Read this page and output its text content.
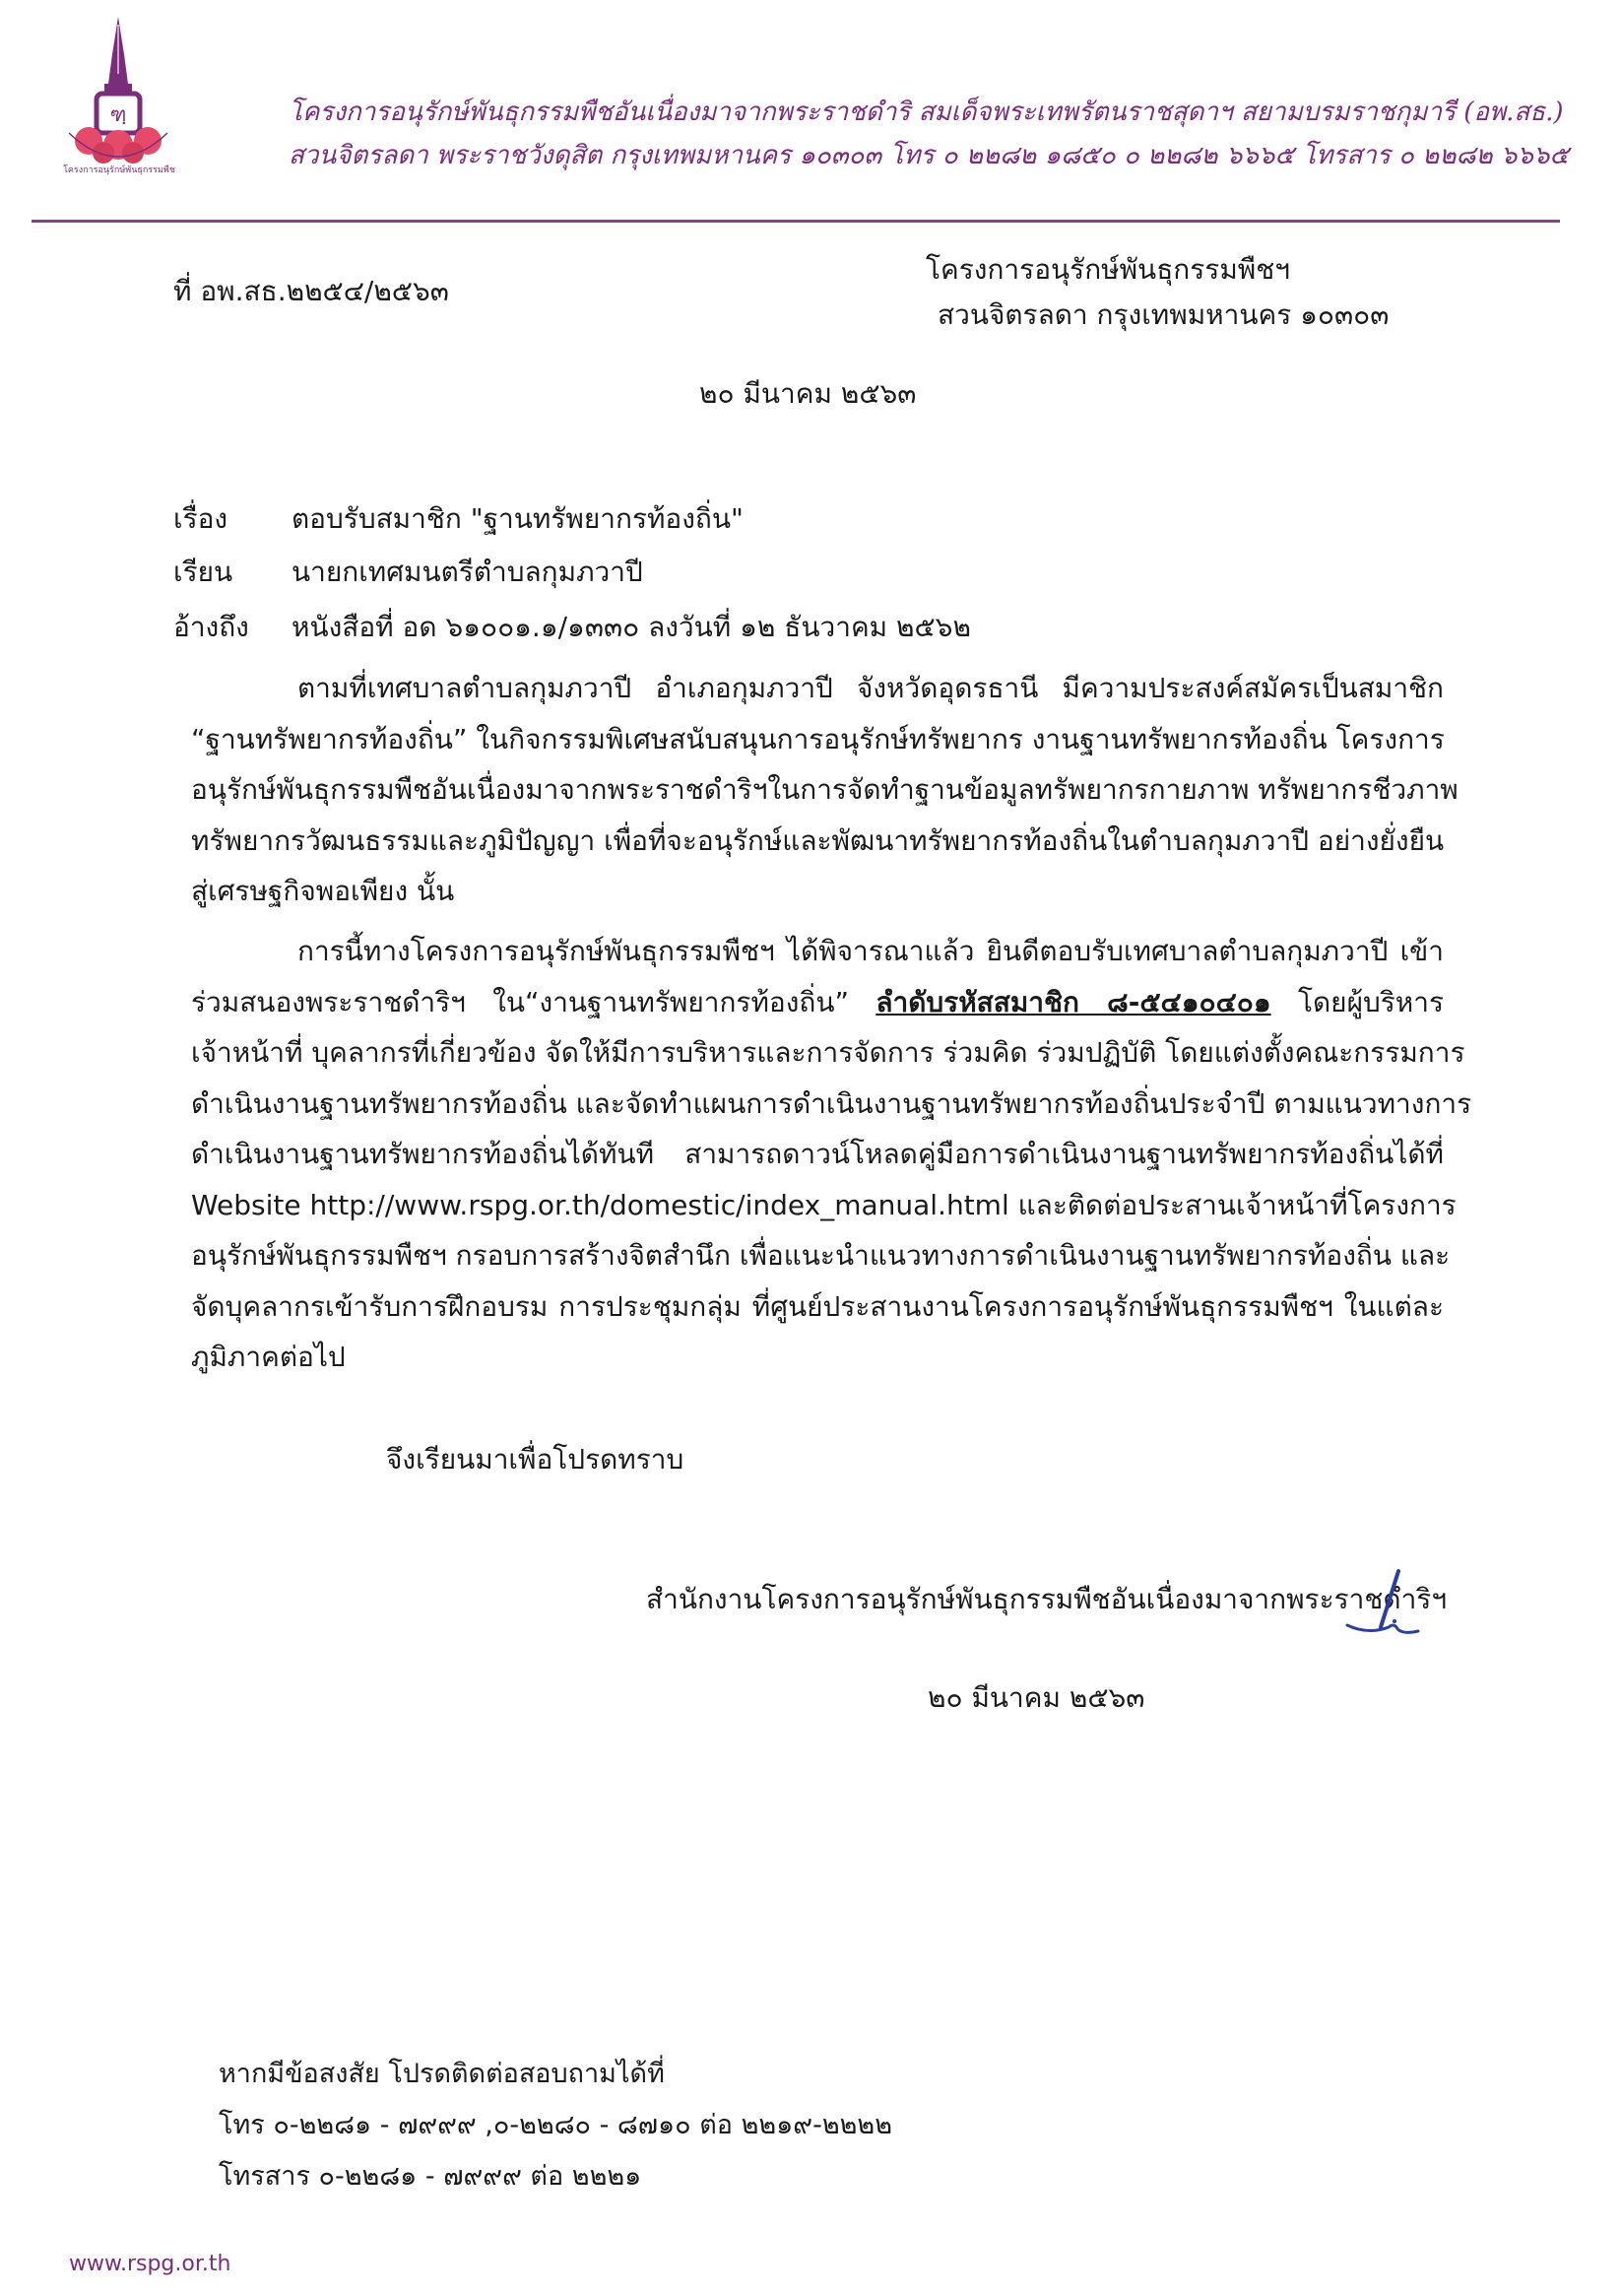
ฑฺ
โครงการอนุรักษ์พันธุกรรมพืช
โครงการอนุรักษ์พันธุกรรมพืชอันเนื่องมาจากพระราชดำริ สมเด็จพระเทพรัตนราชสุดาฯ สยามบรมราชกุมารี (อพ.สธ.)
สวนจิตรลดา พระราชวังดุสิต กรุงเทพมหานคร ๑๐๓๐๓ โทร ๐ ๒๒๘๒ ๑๘๕๐ ๐ ๒๒๘๒ ๖๖๖๕ โทรสาร ๐ ๒๒๘๒ ๖๖๖๕
ที่ อพ.สธ.๒๒๕๔/๒๕๖๓
โครงการอนุรักษ์พันธุกรรมพืชฯ
สวนจิตรลดา กรุงเทพมหานคร ๑๐๓๐๓
๒๐ มีนาคม ๒๕๖๓
เรื่อง	ตอบรับสมาชิก "ฐานทรัพยากรท้องถิ่น"
เรียน	นายกเทศมนตรีตำบลกุมภวาปี
อ้างถึง	หนังสือที่ อด ๖๑๐๐๑.๑/๑๓๓๐ ลงวันที่ ๑๒ ธันวาคม ๒๕๖๒
ตามที่เทศบาลตำบลกุมภวาปี อำเภอกุมภวาปี จังหวัดอุดรธานี มีความประสงค์สมัครเป็นสมาชิก
“ฐานทรัพยากรท้องถิ่น” ในกิจกรรมพิเศษสนับสนุนการอนุรักษ์ทรัพยากร งานฐานทรัพยากรท้องถิ่น โครงการ
อนุรักษ์พันธุกรรมพืชอันเนื่องมาจากพระราชดำริฯในการจัดทำฐานข้อมูลทรัพยากรกายภาพ ทรัพยากรชีวภาพ
ทรัพยากรวัฒนธรรมและภูมิปัญญา เพื่อที่จะอนุรักษ์และพัฒนาทรัพยากรท้องถิ่นในตำบลกุมภวาปี อย่างยั่งยืน
สู่เศรษฐกิจพอเพียง นั้น
การนี้ทางโครงการอนุรักษ์พันธุกรรมพืชฯ ได้พิจารณาแล้ว ยินดีตอบรับเทศบาลตำบลกุมภวาปี เข้า
ร่วมสนองพระราชดำริฯ ใน“งานฐานทรัพยากรท้องถิ่น” ลำดับรหัสสมาชิก ๘-๕๔๑๐๔๐๑ โดยผู้บริหาร
เจ้าหน้าที่ บุคลากรที่เกี่ยวข้อง จัดให้มีการบริหารและการจัดการ ร่วมคิด ร่วมปฏิบัติ โดยแต่งตั้งคณะกรรมการ
ดำเนินงานฐานทรัพยากรท้องถิ่น และจัดทำแผนการดำเนินงานฐานทรัพยากรท้องถิ่นประจำปี ตามแนวทางการ
ดำเนินงานฐานทรัพยากรท้องถิ่นได้ทันที สามารถดาวน์โหลดคู่มือการดำเนินงานฐานทรัพยากรท้องถิ่นได้ที่
Website http://www.rspg.or.th/domestic/index_manual.html และติดต่อประสานเจ้าหน้าที่โครงการ
อนุรักษ์พันธุกรรมพืชฯ กรอบการสร้างจิตสำนึก เพื่อแนะนำแนวทางการดำเนินงานฐานทรัพยากรท้องถิ่น และ
จัดบุคลากรเข้ารับการฝึกอบรม การประชุมกลุ่ม ที่ศูนย์ประสานงานโครงการอนุรักษ์พันธุกรรมพืชฯ ในแต่ละ
ภูมิภาคต่อไป
จึงเรียนมาเพื่อโปรดทราบ
สำนักงานโครงการอนุรักษ์พันธุกรรมพืชอันเนื่องมาจากพระราชดำริฯ
๒๐ มีนาคม ๒๕๖๓
หากมีข้อสงสัย โปรดติดต่อสอบถามได้ที่
โทร ๐-๒๒๘๑ - ๗๙๙๙ ,๐-๒๒๘๐ - ๘๗๑๐ ต่อ ๒๒๑๙-๒๒๒๒
โทรสาร ๐-๒๒๘๑ - ๗๙๙๙ ต่อ ๒๒๒๑
www.rspg.or.th
